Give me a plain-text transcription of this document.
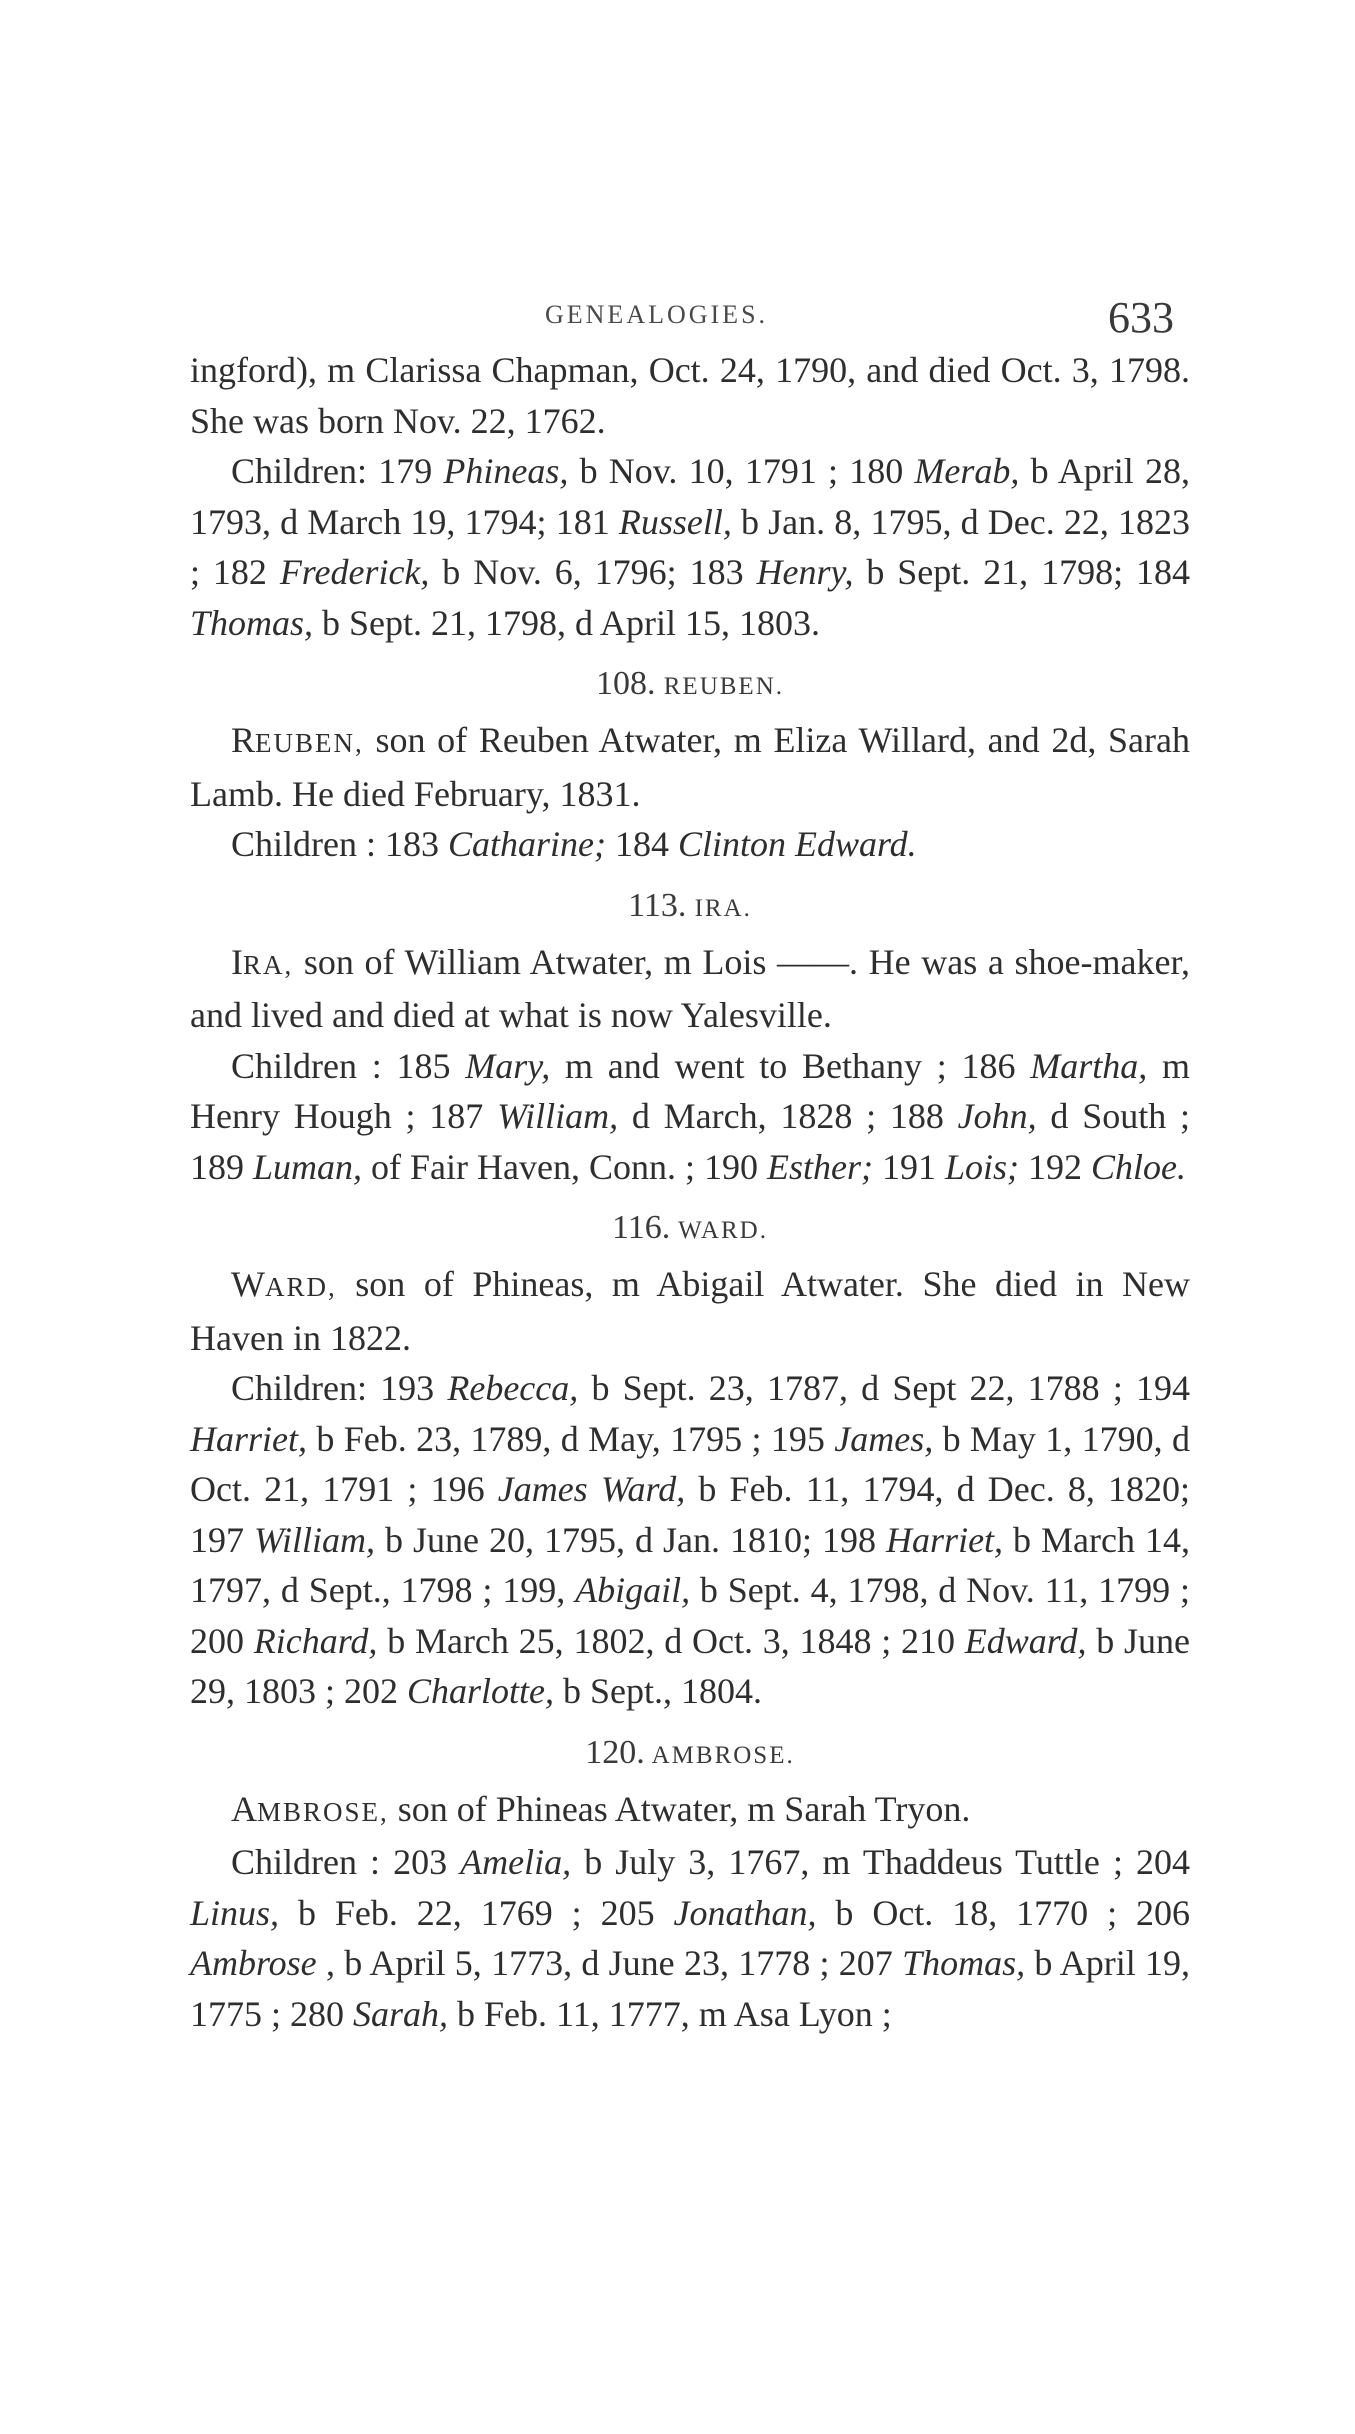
GENEALOGIES.	633

ingford), m Clarissa Chapman, Oct. 24, 1790, and died Oct. 3, 1798. She was born Nov. 22, 1762.

Children: 179 Phineas, b Nov. 10, 1791 ; 180 Merab, b April 28, 1793, d March 19, 1794; 181 Russell, b Jan. 8, 1795, d Dec. 22, 1823 ; 182 Frederick, b Nov. 6, 1796; 183 Henry, b Sept. 21, 1798; 184 Thomas, b Sept. 21, 1798, d April 15, 1803.

108. REUBEN.

REUBEN, son of Reuben Atwater, m Eliza Willard, and 2d, Sarah Lamb. He died February, 1831.

Children : 183 Catharine; 184 Clinton Edward.

113. IRA.

IRA, son of William Atwater, m Lois ——. He was a shoe-maker, and lived and died at what is now Yalesville.

Children : 185 Mary, m and went to Bethany ; 186 Martha, m Henry Hough ; 187 William, d March, 1828 ; 188 John, d South ; 189 Luman, of Fair Haven, Conn. ; 190 Esther; 191 Lois; 192 Chloe.

116. WARD.

WARD, son of Phineas, m Abigail Atwater. She died in New Haven in 1822.

Children: 193 Rebecca, b Sept. 23, 1787, d Sept 22, 1788 ; 194 Harriet, b Feb. 23, 1789, d May, 1795 ; 195 James, b May 1, 1790, d Oct. 21, 1791 ; 196 James Ward, b Feb. 11, 1794, d Dec. 8, 1820; 197 William, b June 20, 1795, d Jan. 1810; 198 Harriet, b March 14, 1797, d Sept., 1798 ; 199, Abigail, b Sept. 4, 1798, d Nov. 11, 1799 ; 200 Richard, b March 25, 1802, d Oct. 3, 1848 ; 210 Edward, b June 29, 1803 ; 202 Charlotte, b Sept., 1804.

120. AMBROSE.

AMBROSE, son of Phineas Atwater, m Sarah Tryon.

Children : 203 Amelia, b July 3, 1767, m Thaddeus Tuttle ; 204 Linus, b Feb. 22, 1769 ; 205 Jonathan, b Oct. 18, 1770 ; 206 Ambrose , b April 5, 1773, d June 23, 1778 ; 207 Thomas, b April 19, 1775 ; 280 Sarah, b Feb. 11, 1777, m Asa Lyon ;
